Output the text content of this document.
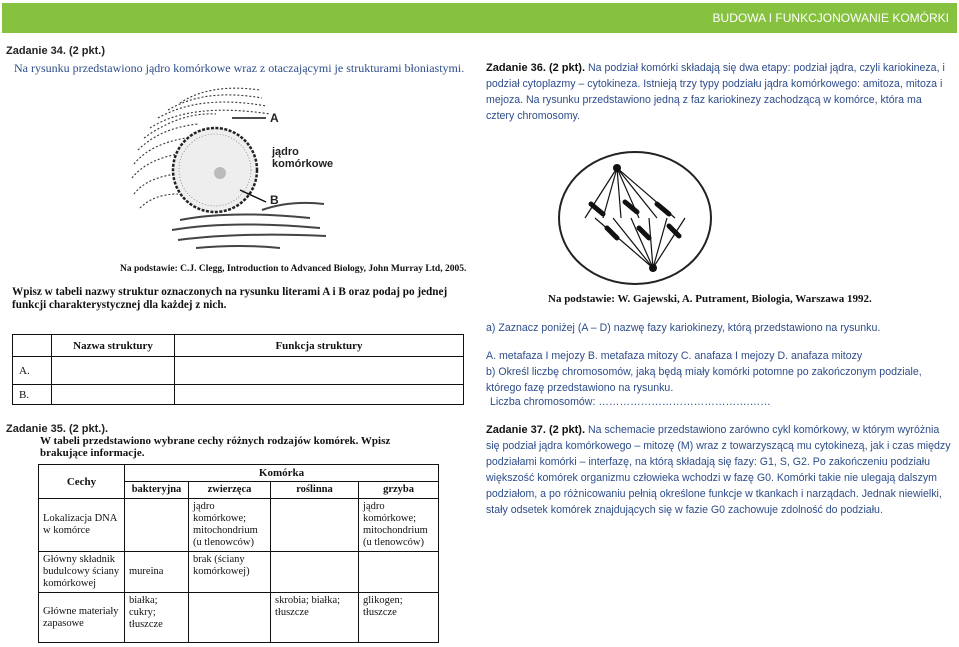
BUDOWA I FUNKCJONOWANIE KOMÓRKI
Zadanie 34. (2 pkt.)
Na rysunku przedstawiono jądro komórkowe wraz z otaczającymi je strukturami błoniastymi.
A
jądro
komórkowe
B
Na podstawie: C.J. Clegg, Introduction to Advanced Biology, John Murray Ltd, 2005.
Wpisz w tabeli nazwy struktur oznaczonych na rysunku literami A i B oraz podaj po jednej funkcji charakterystycznej dla każdej z nich.
	Nazwa struktury	Funkcja struktury
A.		
B.		
Zadanie 35. (2 pkt.).
W tabeli przedstawiono wybrane cechy różnych rodzajów komórek. Wpisz brakujące informacje.
Cechy	Komórka			
	bakteryjna	zwierzęca	roślinna	grzyba
Lokalizacja DNA w komórce		jądro komórkowe; mitochondrium (u tlenowców)		jądro komórkowe; mitochondrium (u tlenowców)
Główny składnik budulcowy ściany komórkowej	mureina	brak (ściany komórkowej)		
Główne materiały zapasowe	białka; cukry; tłuszcze		skrobia; białka; tłuszcze	glikogen; tłuszcze
Zadanie 36. (2 pkt). Na podział komórki składają się dwa etapy: podział jądra, czyli kariokineza, i podział cytoplazmy – cytokineza. Istnieją trzy typy podziału jądra komórkowego: amitoza, mitoza i mejoza. Na rysunku przedstawiono jedną z faz kariokinezy zachodzącą w komórce, która ma cztery chromosomy.
Na podstawie: W. Gajewski, A. Putrament, Biologia, Warszawa 1992.
a) Zaznacz poniżej (A – D) nazwę fazy kariokinezy, którą przedstawiono na rysunku.
A. metafaza I mejozy B. metafaza mitozy C. anafaza I mejozy D. anafaza mitozy
b) Określ liczbę chromosomów, jaką będą miały komórki potomne po zakończonym podziale, którego fazę przedstawiono na rysunku.
Liczba chromosomów: …………………………………….……
Zadanie 37. (2 pkt). Na schemacie przedstawiono zarówno cykl komórkowy, w którym wyróżnia się podział jądra komórkowego – mitozę (M) wraz z towarzyszącą mu cytokinezą, jak i czas między podziałami komórki – interfazę, na którą składają się fazy: G1, S, G2. Po zakończeniu podziału większość komórek organizmu człowieka wchodzi w fazę G0. Komórki takie nie ulegają dalszym podziałom, a po różnicowaniu pełnią określone funkcje w tkankach i narządach. Jednak niewielki, stały odsetek komórek znajdujących się w fazie G0 zachowuje zdolność do podziału.
